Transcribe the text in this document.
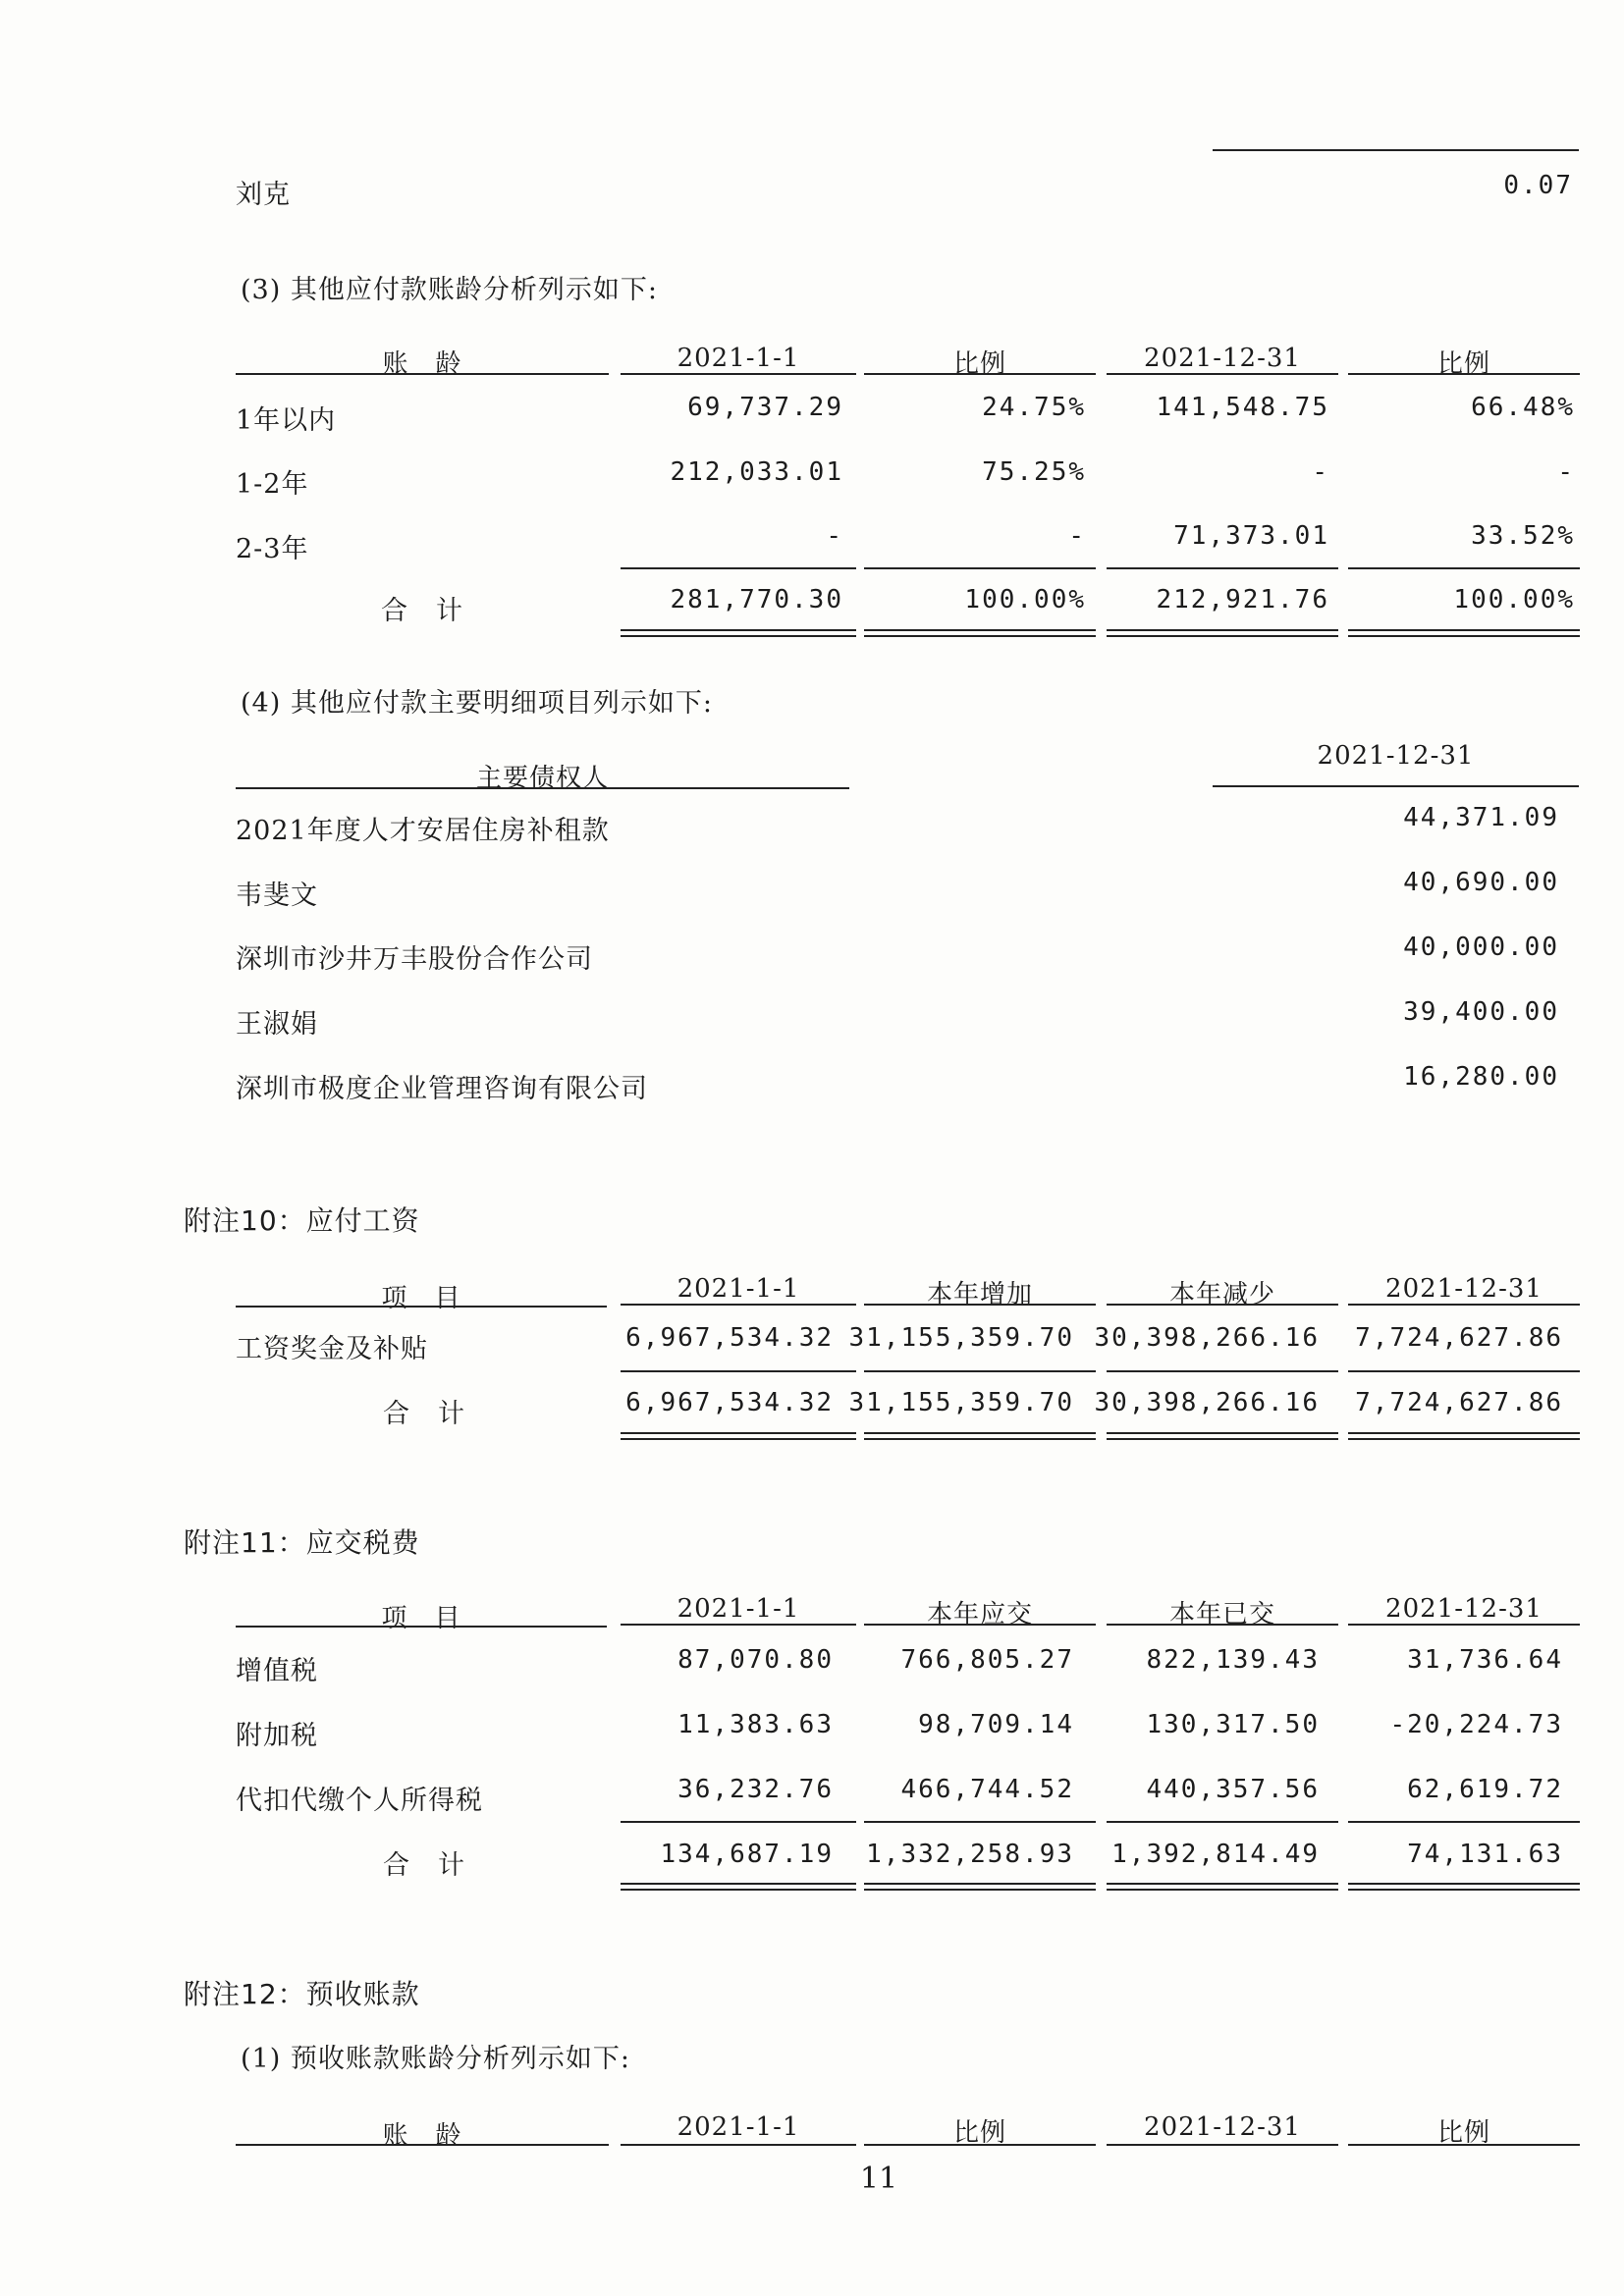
刘克	0.07
(3) 其他应付款账龄分析列示如下:
账　龄	2021-1-1	比例	2021-12-31	比例
1年以内	69,737.29	24.75%	141,548.75	66.48%
1-2年	212,033.01	75.25%	-	-
2-3年	-	-	71,373.01	33.52%
合　计	281,770.30	100.00%	212,921.76	100.00%
(4) 其他应付款主要明细项目列示如下:
主要债权人
2021-12-31
2021年度人才安居住房补租款	44,371.09
韦斐文	40,690.00
深圳市沙井万丰股份合作公司	40,000.00
王淑娟	39,400.00
深圳市极度企业管理咨询有限公司	16,280.00
附注10：应付工资
项　目	2021-1-1	本年增加	本年减少	2021-12-31
工资奖金及补贴	6,967,534.32 31,155,359.70 30,398,266.16 7,724,627.86
合　计	6,967,534.32 31,155,359.70 30,398,266.16 7,724,627.86
附注11：应交税费
项　目	2021-1-1	本年应交	本年已交	2021-12-31
增值税	87,070.80	766,805.27	822,139.43	31,736.64
附加税	11,383.63	98,709.14	130,317.50	-20,224.73
代扣代缴个人所得税	36,232.76	466,744.52	440,357.56	62,619.72
合　计	134,687.19 1,332,258.93 1,392,814.49	74,131.63
附注12：预收账款
(1) 预收账款账龄分析列示如下:
账　龄	2021-1-1	比例	2021-12-31	比例
11
